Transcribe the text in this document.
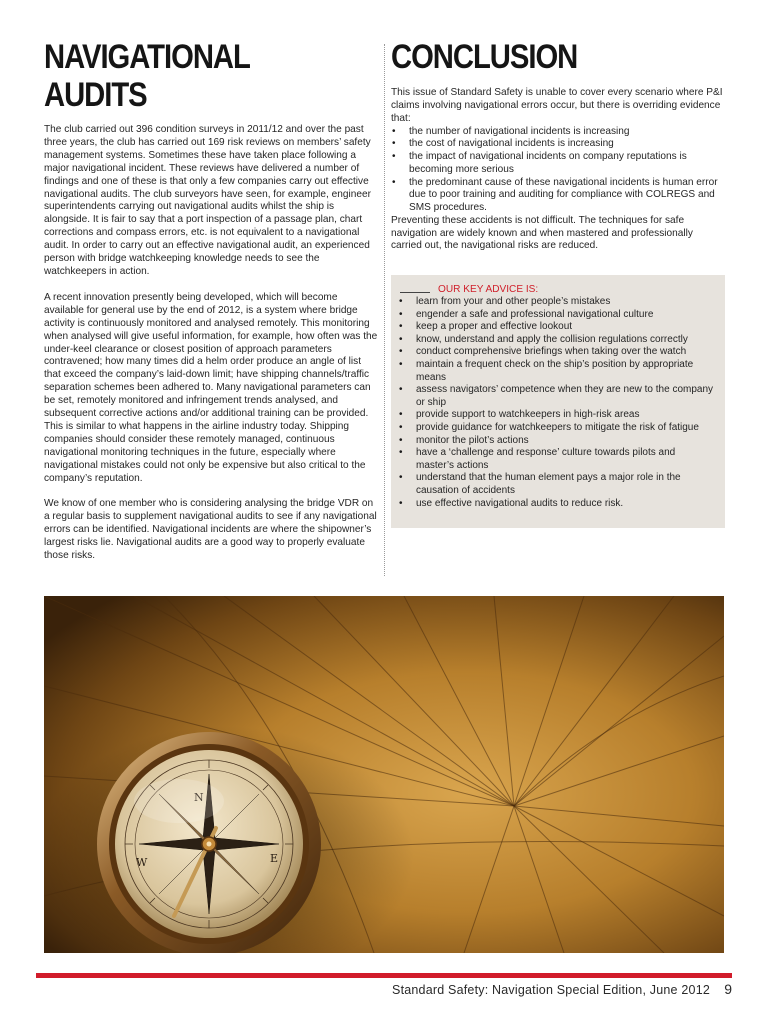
NAVIGATIONAL AUDITS

The club carried out 396 condition surveys in 2011/12 and over the past three years, the club has carried out 169 risk reviews on members’ safety management systems. Sometimes these have taken place following a major navigational incident. These reviews have delivered a number of findings and one of these is that only a few companies carry out effective navigational audits. The club surveyors have seen, for example, engineer superintendents carrying out navigational audits whilst the ship is alongside. It is fair to say that a port inspection of a passage plan, chart corrections and compass errors, etc. is not equivalent to a navigational audit. In order to carry out an effective navigational audit, an experienced person with bridge watchkeeping knowledge needs to see the watchkeepers in action.

A recent innovation presently being developed, which will become available for general use by the end of 2012, is a system where bridge activity is continuously monitored and analysed remotely. This monitoring when analysed will give useful information, for example, how often was the under-keel clearance or closest position of approach parameters contravened; how many times did a helm order produce an angle of list that exceed the company’s laid-down limit; have shipping channels/traffic separation schemes been adhered to. Many navigational parameters can be set, remotely monitored and infringement trends analysed, and subsequent corrective actions and/or additional training can be provided. This is similar to what happens in the airline industry today. Shipping companies should consider these remotely managed, continuous navigational monitoring techniques in the future, especially where navigational mistakes could not only be expensive but also critical to the company’s reputation.

We know of one member who is considering analysing the bridge VDR on a regular basis to supplement navigational audits to see if any navigational errors can be identified. Navigational incidents are where the shipowner’s largest risks lie. Navigational audits are a good way to properly evaluate those risks.

CONCLUSION

This issue of Standard Safety is unable to cover every scenario where P&I claims involving navigational errors occur, but there is overriding evidence that:

• the number of navigational incidents is increasing
• the cost of navigational incidents is increasing
• the impact of navigational incidents on company reputations is becoming more serious
• the predominant cause of these navigational incidents is human error due to poor training and auditing for compliance with COLREGS and SMS procedures.

Preventing these accidents is not difficult. The techniques for safe navigation are widely known and when mastered and professionally carried out, the navigational risks are reduced.

OUR KEY ADVICE IS:
• learn from your and other people’s mistakes
• engender a safe and professional navigational culture
• keep a proper and effective lookout
• know, understand and apply the collision regulations correctly
• conduct comprehensive briefings when taking over the watch
• maintain a frequent check on the ship’s position by appropriate means
• assess navigators’ competence when they are new to the company or ship
• provide support to watchkeepers in high-risk areas
• provide guidance for watchkeepers to mitigate the risk of fatigue
• monitor the pilot’s actions
• have a ‘challenge and response’ culture towards pilots and master’s actions
• understand that the human element pays a major role in the causation of accidents
• use effective navigational audits to reduce risk.
N
E
W
Standard Safety: Navigation Special Edition, June 2012 9
